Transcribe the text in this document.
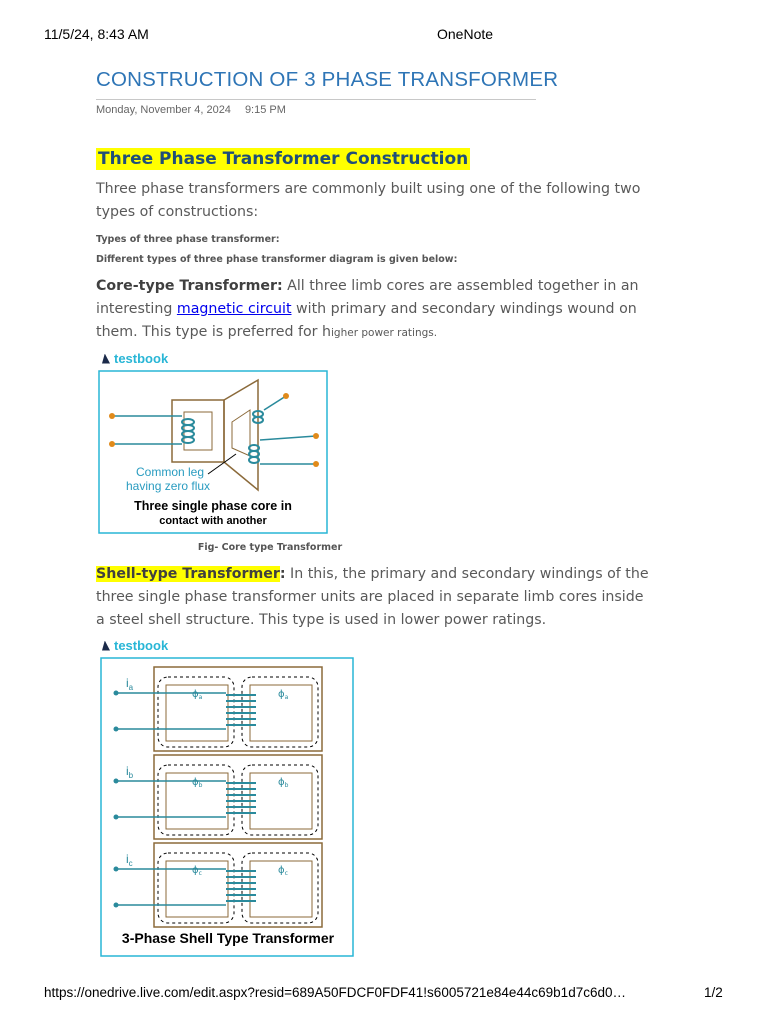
11/5/24, 8:43 AM	OneNote
CONSTRUCTION OF 3 PHASE TRANSFORMER
Monday, November 4, 2024 9:15 PM
Three Phase Transformer Construction

Three phase transformers are commonly built using one of the following two types of constructions:

Types of three phase transformer:

Different types of three phase transformer diagram is given below:

Core-type Transformer: All three limb cores are assembled together in an interesting magnetic circuit with primary and secondary windings wound on them. This type is preferred for higher power ratings.

testbook
Common leg
having zero flux
Three single phase core in
contact with another
Fig- Core type Transformer

Shell-type Transformer: In this, the primary and secondary windings of the three single phase transformer units are placed in separate limb cores inside a steel shell structure. This type is used in lower power ratings.

testbook
$i_a$
$\phi_a$	$\phi_a$
$i_b$
$\phi_b$	$\phi_b$
$i_c$
$\phi_c$	$\phi_c$
3-Phase Shell Type Transformer
https://onedrive.live.com/edit.aspx?resid=689A50FDCF0FDF41!s6005721e84e44c69b1d7c6d0…	1/2
